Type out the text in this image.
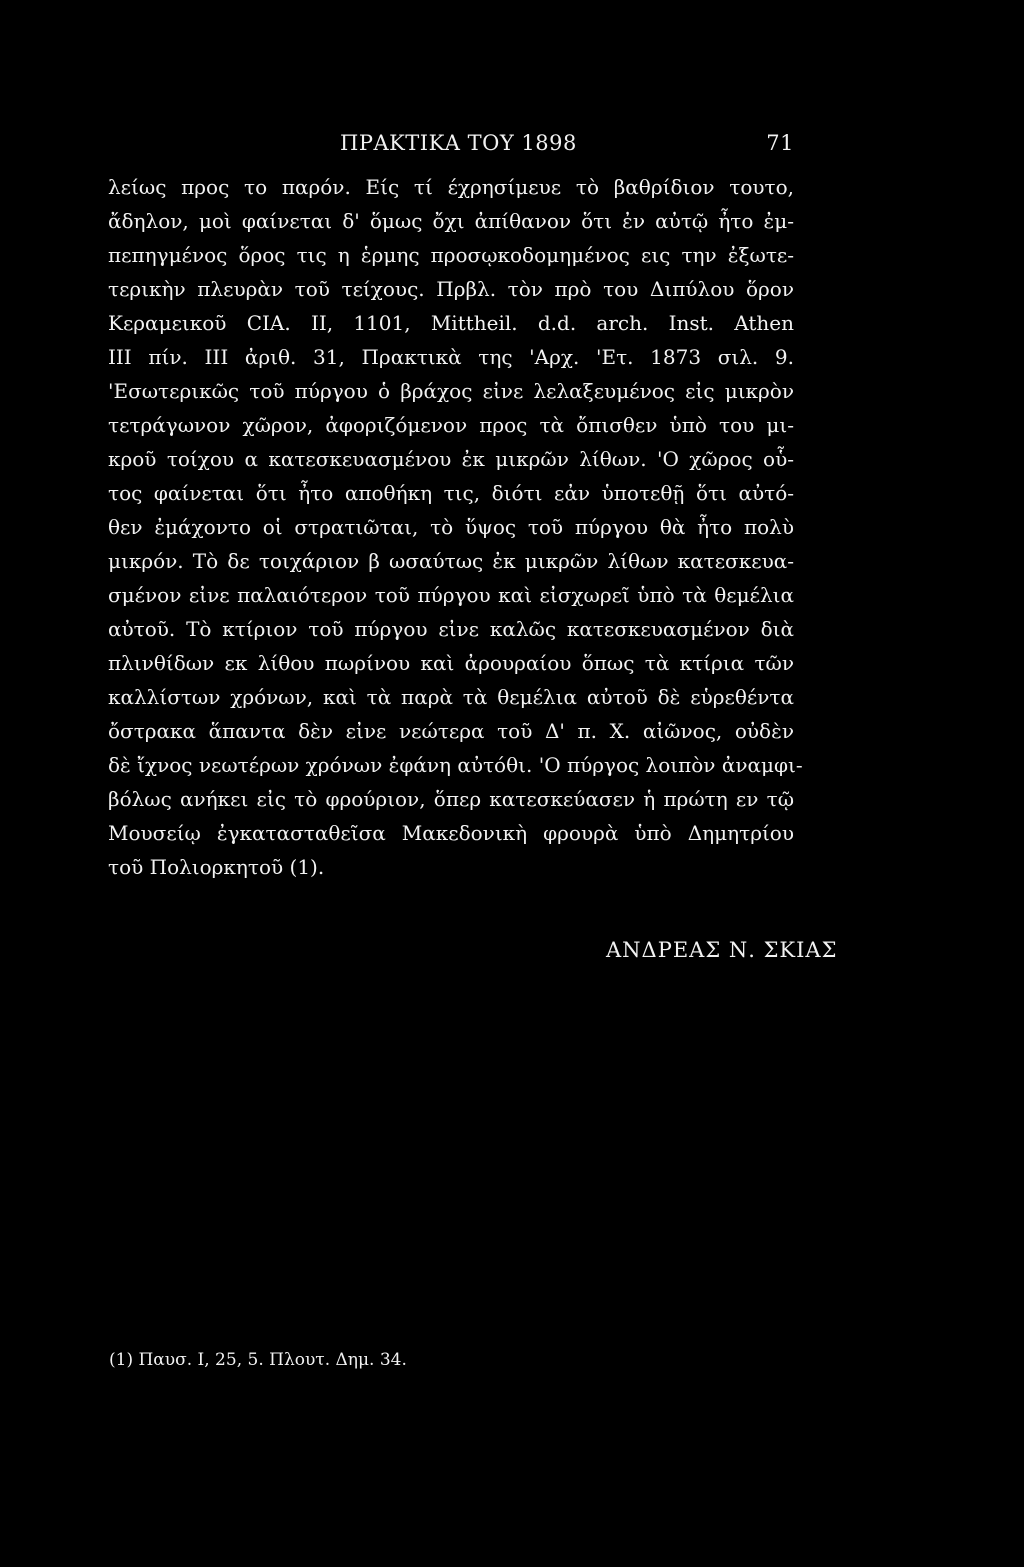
ΠΡΑΚΤΙΚΑ ΤΟΥ 1898	71
λείως προς το παρόν. Είς τί έχρησίμευε τὸ βαθρίδιον τουτο,
ἄδηλον, μοὶ φαίνεται δ' ὅμως ὄχι ἀπίθανον ὅτι ἐν αὐτῷ ἦτο ἐμ-
πεπηγμένος ὅρος τις η ἑρμης προσῳκοδομημένος εις την ἐξωτε-
τερικὴν πλευρὰν τοῦ τείχους. Πρβλ. τὸν πρὸ του Διπύλου ὅρον
Κεραμεικοῦ CIA. II, 1101, Mittheil. d.d. arch. Inst. Athen
III πίν. III ἀριθ. 31, Πρακτικὰ της 'Αρχ. 'Ετ. 1873 σιλ. 9.
'Εσωτερικῶς τοῦ πύργου ὁ βράχος εἰνε λελαξευμένος εἰς μικρὸν
τετράγωνον χῶρον, ἀφοριζόμενον προς τὰ ὄπισθεν ὑπὸ του μι-
κροῦ τοίχου α κατεσκευασμένου ἐκ μικρῶν λίθων. 'Ο χῶρος οὗ-
τος φαίνεται ὅτι ἦτο αποθήκη τις, διότι εἀν ὑποτεθῇ ὅτι αὐτό-
θεν ἐμάχοντο οἱ στρατιῶται, τὸ ὕψος τοῦ πύργου θὰ ἦτο πολὺ
μικρόν. Τὸ δε τοιχάριον β ωσαύτως ἐκ μικρῶν λίθων κατεσκευα-
σμένον εἰνε παλαιότερον τοῦ πύργου καὶ εἰσχωρεῖ ὑπὸ τὰ θεμέλια
αὐτοῦ. Τὸ κτίριον τοῦ πύργου εἰνε καλῶς κατεσκευασμένον διὰ
πλινθίδων εκ λίθου πωρίνου καὶ ἀρουραίου ὅπως τὰ κτίρια τῶν
καλλίστων χρόνων, καὶ τὰ παρὰ τὰ θεμέλια αὐτοῦ δὲ εὑρεθέντα
ὄστρακα ἅπαντα δὲν εἰνε νεώτερα τοῦ Δ' π. Χ. αἰῶνος, οὐδὲν
δὲ ἴχνος νεωτέρων χρόνων ἐφάνη αὐτόθι. 'Ο πύργος λοιπὸν ἀναμφι-
βόλως ανήκει εἰς τὸ φρούριον, ὅπερ κατεσκεύασεν ἡ πρώτη εν τῷ
Μουσείῳ ἐγκατασταθεῖσα Μακεδονικὴ φρουρὰ ὑπὸ Δημητρίου
τοῦ Πολιορκητοῦ (1).
ΑΝΔΡΕΑΣ Ν. ΣΚΙΑΣ
(1) Παυσ. I, 25, 5. Πλουτ. Δημ. 34.
